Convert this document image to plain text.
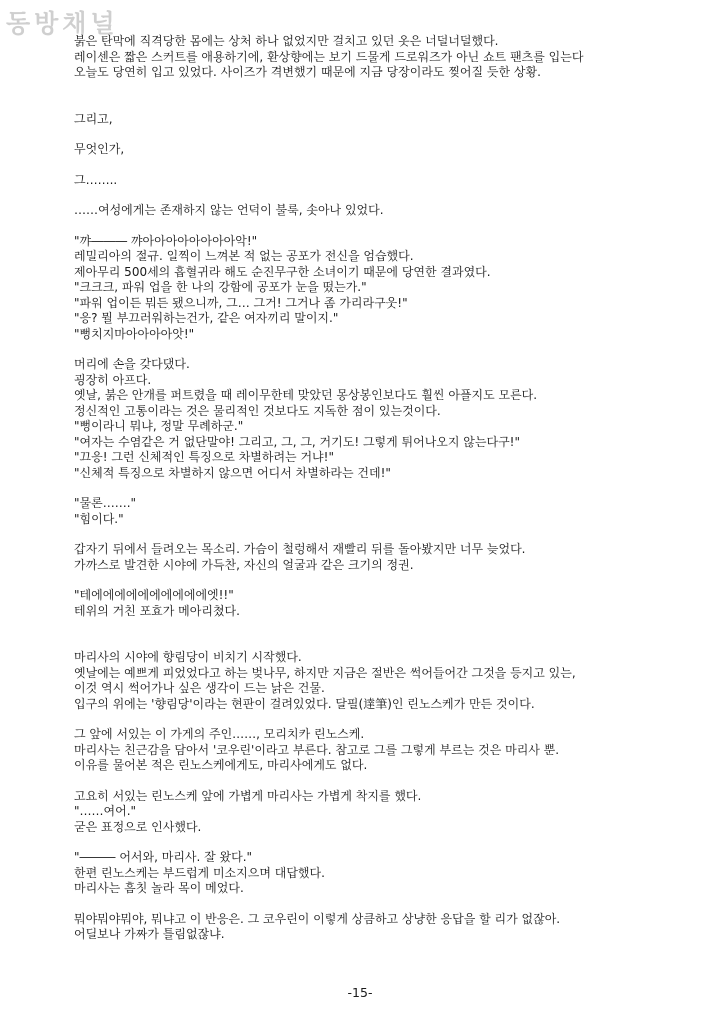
동방채널
붉은 탄막에 직격당한 몸에는 상처 하나 없었지만 걸치고 있던 옷은 너덜너덜했다.
레이센은 짧은 스커트를 애용하기에, 환상향에는 보기 드물게 드로워즈가 아닌 쇼트 팬츠를 입는다
오늘도 당연히 입고 있었다. 사이즈가 격변했기 때문에 지금 당장이라도 찢어질 듯한 상황.
그리고,
무엇인가,
그……..
……여성에게는 존재하지 않는 언덕이 불룩, 솟아나 있었다.
"꺄――― 꺄아아아아아아아아악!"
레밀리아의 절규. 일찍이 느껴본 적 없는 공포가 전신을 엄습했다.
제아무리 500세의 흡혈귀라 해도 순진무구한 소녀이기 때문에 당연한 결과였다.
"크크크, 파워 업을 한 나의 강함에 공포가 눈을 떴는가."
"파워 업이든 뭐든 됐으니까, 그… 그거! 그거나 좀 가리라구웃!"
"응? 뭘 부끄러워하는건가, 같은 여자끼리 말이지."
"뻥치지마아아아아앗!"
머리에 손을 갖다댔다.
굉장히 아프다.
옛날, 붉은 안개를 퍼트렸을 때 레이무한테 맞았던 몽상봉인보다도 훨씬 아플지도 모른다.
정신적인 고통이라는 것은 물리적인 것보다도 지독한 점이 있는것이다.
"뻥이라니 뭐냐, 정말 무례하군."
"여자는 수염같은 거 없단말야! 그리고, 그, 그, 거기도! 그렇게 튀어나오지 않는다구!"
"끄응! 그런 신체적인 특징으로 차별하려는 거냐!"
"신체적 특징으로 차별하지 않으면 어디서 차별하라는 건데!"
"물론……."
"힘이다."
갑자기 뒤에서 들려오는 목소리. 가슴이 철렁해서 재빨리 뒤를 돌아봤지만 너무 늦었다.
가까스로 발견한 시야에 가득찬, 자신의 얼굴과 같은 크기의 정권.
"테에에에에에에에에에에엣!!"
테위의 거친 포효가 메아리쳤다.
마리사의 시야에 향림당이 비치기 시작했다.
옛날에는 예쁘게 피었었다고 하는 벚나무, 하지만 지금은 절반은 썩어들어간 그것을 등지고 있는,
이것 역시 썩어가나 싶은 생각이 드는 낡은 건물.
입구의 위에는 '향림당'이라는 현판이 걸려있었다. 달필(達筆)인 린노스케가 만든 것이다.
그 앞에 서있는 이 가게의 주인……, 모리치카 린노스케.
마리사는 친근감을 담아서 '코우린'이라고 부른다. 참고로 그를 그렇게 부르는 것은 마리사 뿐.
이유를 물어본 적은 린노스케에게도, 마리사에게도 없다.
고요히 서있는 린노스케 앞에 가볍게 마리사는 가볍게 착지를 했다.
"……여어."
굳은 표정으로 인사했다.
"――― 어서와, 마리사. 잘 왔다."
한편 린노스케는 부드럽게 미소지으며 대답했다.
마리사는 흠칫 놀라 목이 메었다.
뭐야뭐야뭐야, 뭐냐고 이 반응은. 그 코우린이 이렇게 상큼하고 상냥한 응답을 할 리가 없잖아.
어딜보나 가짜가 틀림없잖냐.
-15-
